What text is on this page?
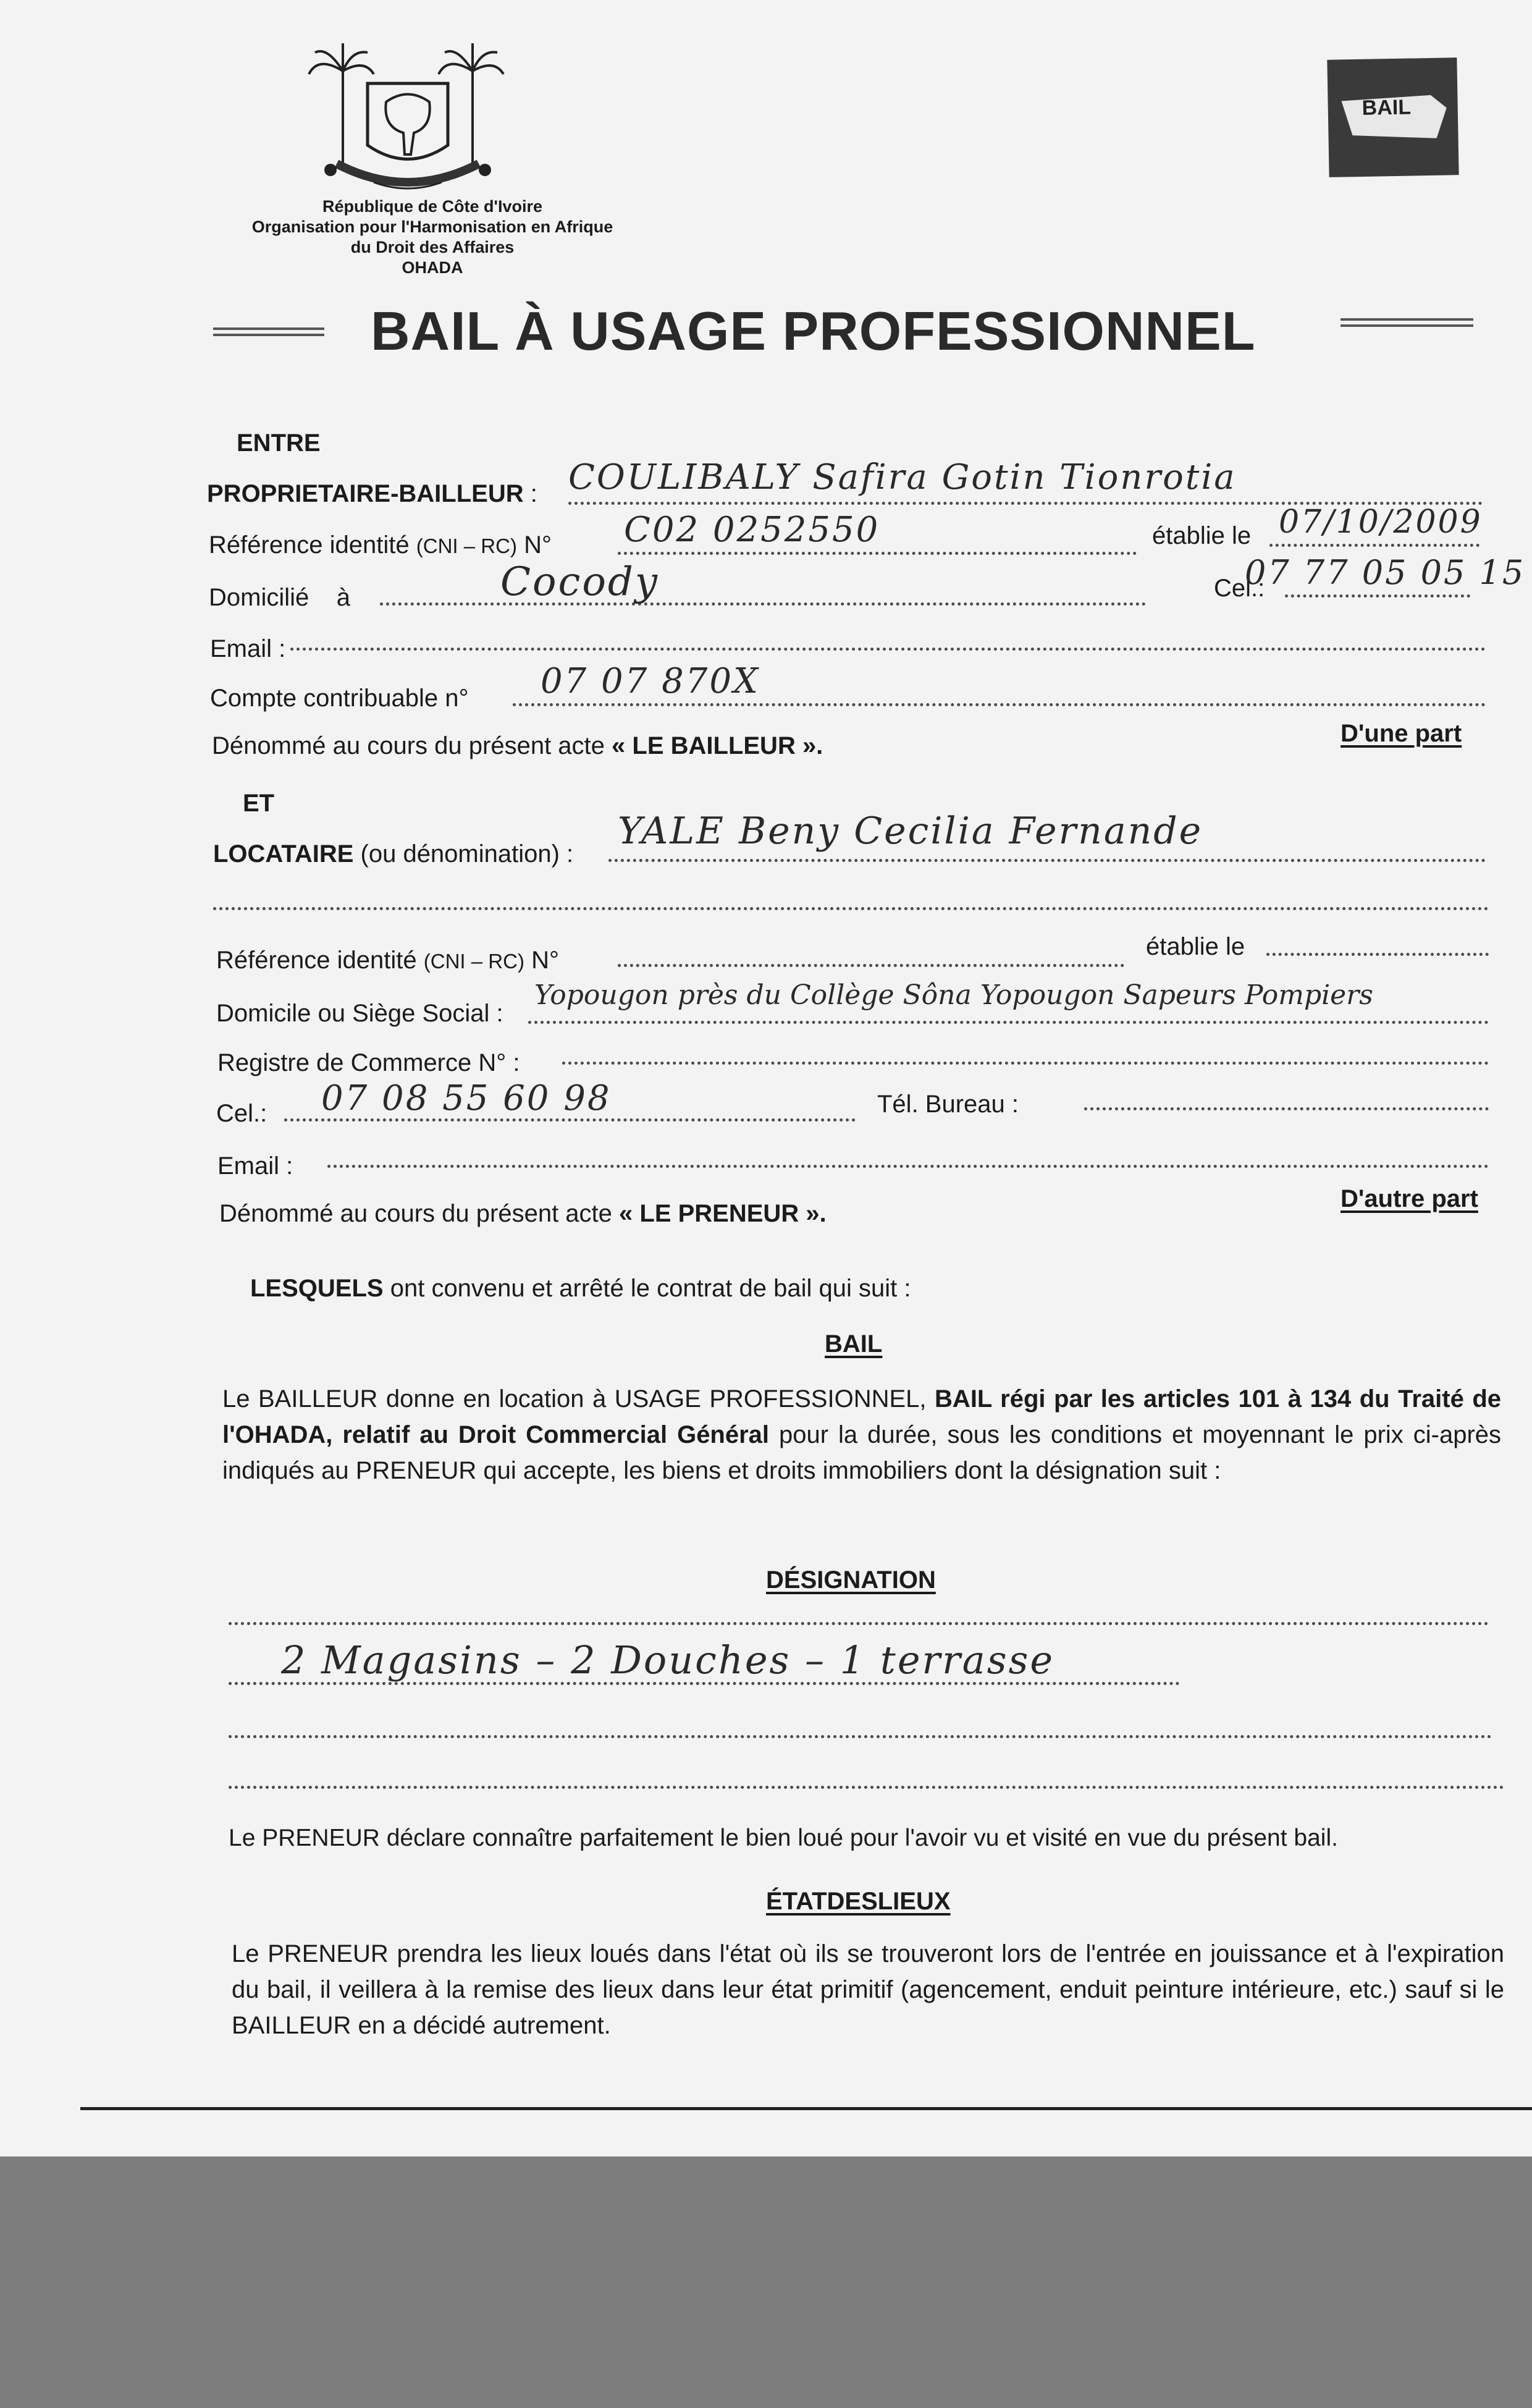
République de Côte d'Ivoire
Organisation pour l'Harmonisation en Afrique
du Droit des Affaires
OHADA
BAIL
BAIL À USAGE PROFESSIONNEL
ENTRE
PROPRIETAIRE-BAILLEUR : COULIBALY Safira Gotin Tionrotia
Référence identité (CNI – RC) N° C02 0252550	établie le 07/10/2009
Domicilié à	Cocody	Cel.:
07 77 05 05 15
Email :
Compte contribuable n° 07 07 870X
Dénommé au cours du présent acte « LE BAILLEUR ».	D'une part
ET
LOCATAIRE (ou dénomination) :
YALE Beny Cecilia Fernande
Référence identité (CNI – RC) N°	établie le
Domicile ou Siège Social :
Yopougon près du Collège Sôna Yopougon Sapeurs Pompiers
Registre de Commerce N° :
Cel.: 07 08 55 60 98	Tél. Bureau :
Email :
Dénommé au cours du présent acte « LE PRENEUR ».
D'autre part
LESQUELS ont convenu et arrêté le contrat de bail qui suit :
BAIL
Le BAILLEUR donne en location à USAGE PROFESSIONNEL, BAIL régi par les articles 101 à 134 du Traité de l'OHADA, relatif au Droit Commercial Général pour la durée, sous les conditions et moyennant le prix ci-après indiqués au PRENEUR qui accepte, les biens et droits immobiliers dont la désignation suit :
DÉSIGNATION
2 Magasins – 2 Douches – 1 terrasse
Le PRENEUR déclare connaître parfaitement le bien loué pour l'avoir vu et visité en vue du présent bail.
ÉTATDESLIEUX
Le PRENEUR prendra les lieux loués dans l'état où ils se trouveront lors de l'entrée en jouissance et à l'expiration du bail, il veillera à la remise des lieux dans leur état primitif (agencement, enduit peinture intérieure, etc.) sauf si le BAILLEUR en a décidé autrement.
